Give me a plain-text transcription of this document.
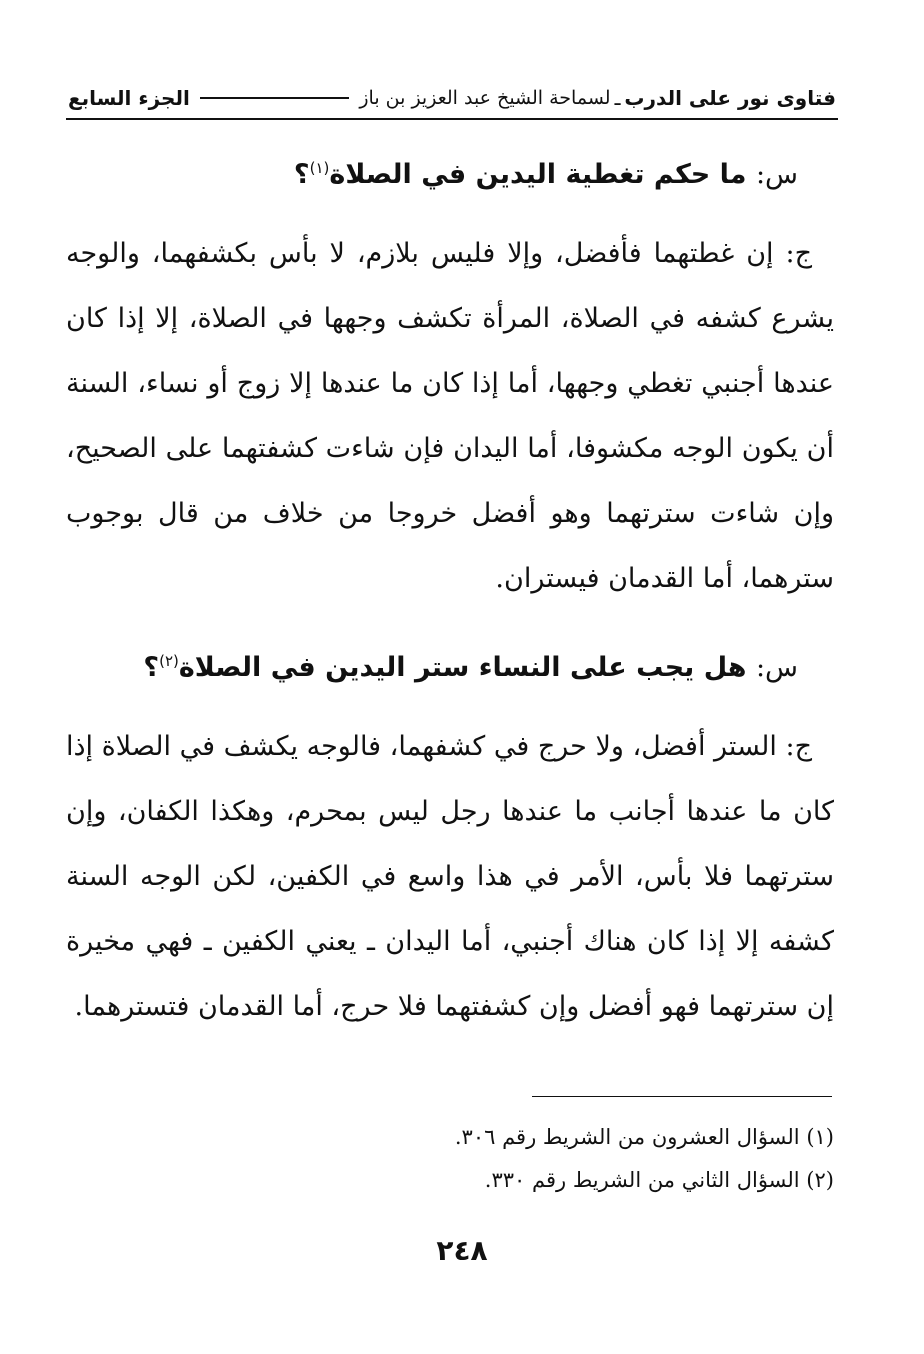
فتاوى نور على الدرب
ـ
لسماحة الشيخ عبد العزيز بن باز
الجزء السابع
س: ما حكم تغطية اليدين في الصلاة$^{(١)}$؟
ج: إن غطتهما فأفضل، وإلا فليس بلازم، لا بأس بكشفهما، والوجه يشرع كشفه في الصلاة، المرأة تكشف وجهها في الصلاة، إلا إذا كان عندها أجنبي تغطي وجهها، أما إذا كان ما عندها إلا زوج أو نساء، السنة أن يكون الوجه مكشوفا، أما اليدان فإن شاءت كشفتهما على الصحيح، وإن شاءت سترتهما وهو أفضل خروجا من خلاف من قال بوجوب سترهما، أما القدمان فيستران.
س: هل يجب على النساء ستر اليدين في الصلاة$^{(٢)}$؟
ج: الستر أفضل، ولا حرج في كشفهما، فالوجه يكشف في الصلاة إذا كان ما عندها أجانب ما عندها رجل ليس بمحرم، وهكذا الكفان، وإن سترتهما فلا بأس، الأمر في هذا واسع في الكفين، لكن الوجه السنة كشفه إلا إذا كان هناك أجنبي، أما اليدان ـ يعني الكفين ـ فهي مخيرة إن سترتهما فهو أفضل وإن كشفتهما فلا حرج، أما القدمان فتسترهما.
(١) السؤال العشرون من الشريط رقم ٣٠٦.
(٢) السؤال الثاني من الشريط رقم ٣٣٠.
٢٤٨
